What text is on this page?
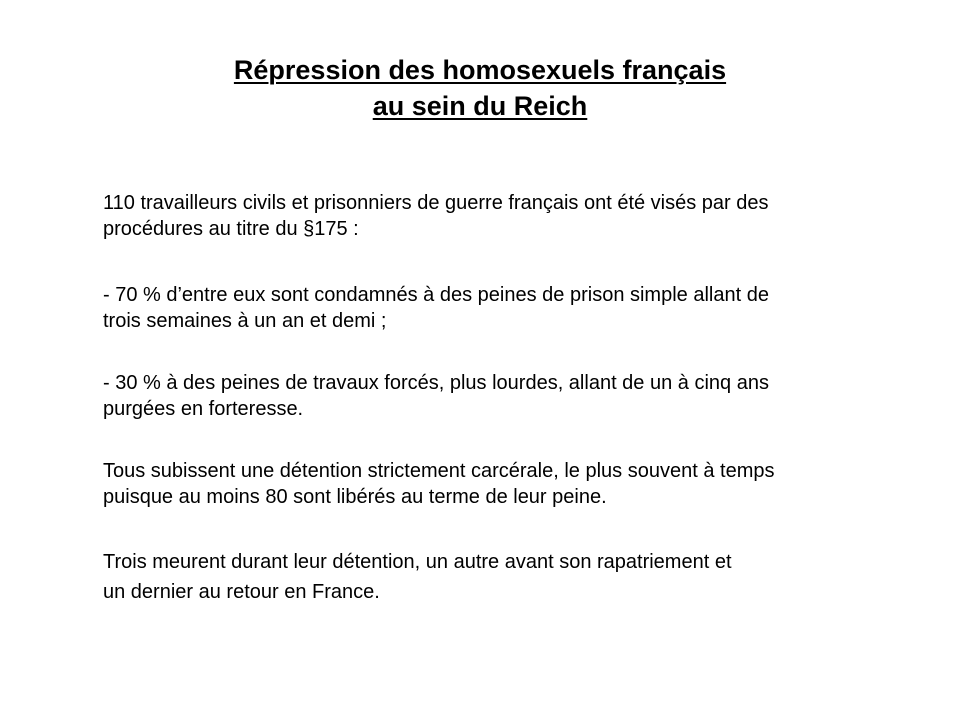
Répression des homosexuels français
au sein du Reich

110 travailleurs civils et prisonniers de guerre français ont été visés par des
procédures au titre du §175 :

- 70 % d’entre eux sont condamnés à des peines de prison simple allant de
trois semaines à un an et demi ;

- 30 % à des peines de travaux forcés, plus lourdes, allant de un à cinq ans
purgées en forteresse.

Tous subissent une détention strictement carcérale, le plus souvent à temps
puisque au moins 80 sont libérés au terme de leur peine.

Trois meurent durant leur détention, un autre avant son rapatriement et
un dernier au retour en France.
